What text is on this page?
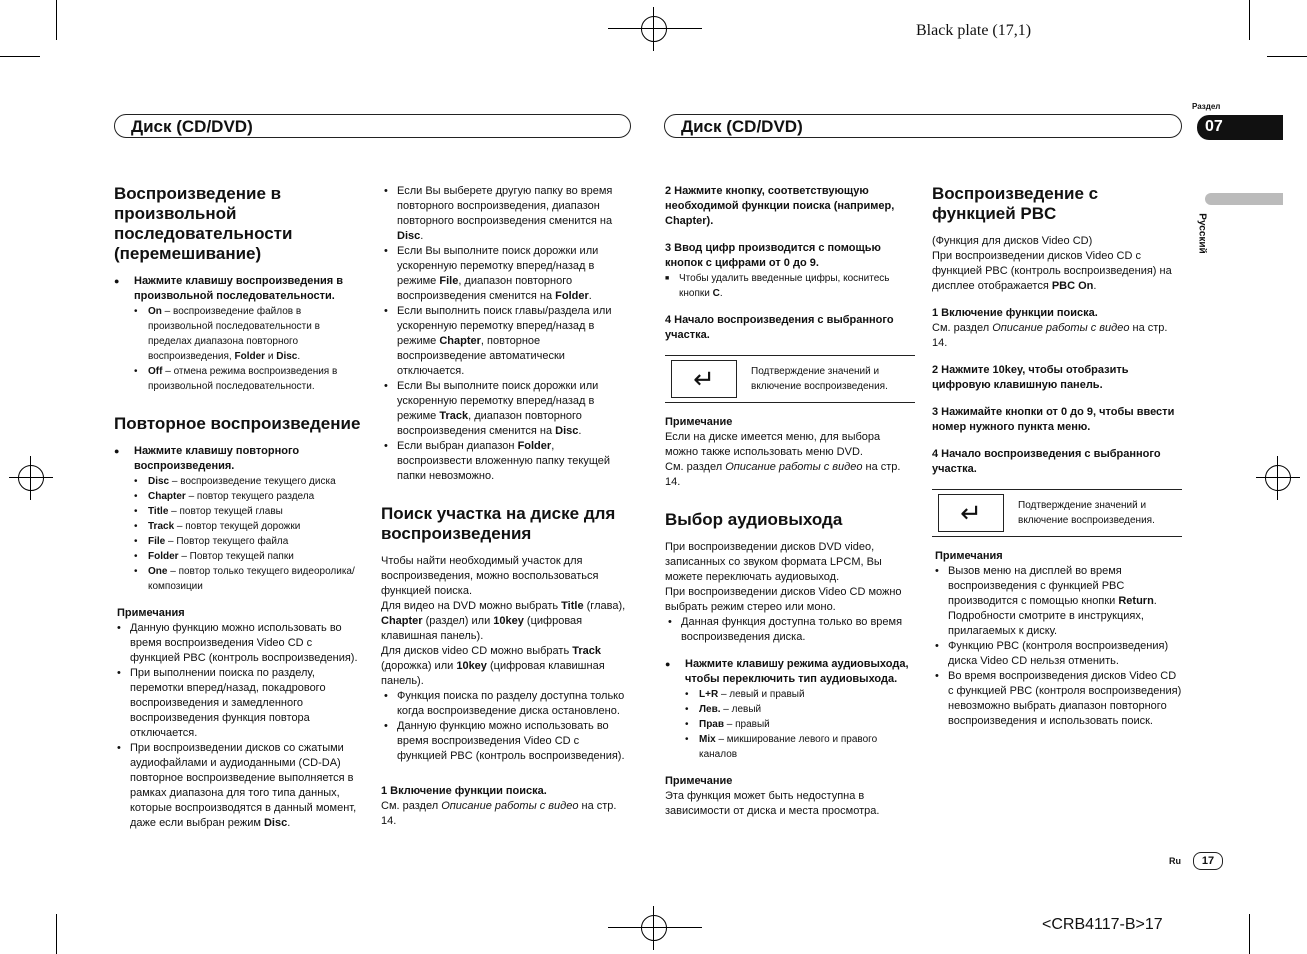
Black plate (17,1)
<CRB4117-B>17
Диск (CD/DVD)	Диск (CD/DVD)
Раздел
07
Русский
Ru	17
Воспроизведение в произвольной последовательности (перемешивание)

● Нажмите клавишу воспроизведения в произвольной последовательности.

• On – воспроизведение файлов в произвольной последовательности в пределах диапазона повторного воспроизведения, Folder и Disc.
• Off – отмена режима воспроизведения в произвольной последовательности.
Повторное воспроизведение

● Нажмите клавишу повторного воспроизведения.

• Disc – воспроизведение текущего диска
• Chapter – повтор текущего раздела
• Title – повтор текущей главы
• Track – повтор текущей дорожки
• File – Повтор текущего файла
• Folder – Повтор текущей папки
• One – повтор только текущего видеоролика/композиции

Примечания

• Данную функцию можно использовать во время воспроизведения Video CD с функцией PBC (контроль воспроизведения).
• При выполнении поиска по разделу, перемотки вперед/назад, покадрового воспроизведения и замедленного воспроизведения функция повтора отключается.
• При воспроизведении дисков со сжатыми аудиофайлами и аудиоданными (CD-DA) повторное воспроизведение выполняется в рамках диапазона для того типа данных, которые воспроизводятся в данный момент, даже если выбран режим Disc.
• Если Вы выберете другую папку во время повторного воспроизведения, диапазон повторного воспроизведения сменится на Disc.
• Если Вы выполните поиск дорожки или ускоренную перемотку вперед/назад в режиме File, диапазон повторного воспроизведения сменится на Folder.
• Если выполнить поиск главы/раздела или ускоренную перемотку вперед/назад в режиме Chapter, повторное воспроизведение автоматически отключается.
• Если Вы выполните поиск дорожки или ускоренную перемотку вперед/назад в режиме Track, диапазон повторного воспроизведения сменится на Disc.
• Если выбран диапазон Folder, воспроизвести вложенную папку текущей папки невозможно.
Поиск участка на диске для воспроизведения

Чтобы найти необходимый участок для воспроизведения, можно воспользоваться функцией поиска.

Для видео на DVD можно выбрать Title (глава), Chapter (раздел) или 10key (цифровая клавишная панель).

Для дисков video CD можно выбрать Track (дорожка) или 10key (цифровая клавишная панель).

• Функция поиска по разделу доступна только когда воспроизведение диска остановлено.
• Данную функцию можно использовать во время воспроизведения Video CD с функцией PBC (контроль воспроизведения).

1 Включение функции поиска.

См. раздел Описание работы с видео на стр. 14.

2 Нажмите кнопку, соответствующую необходимой функции поиска (например, Chapter).

3 Ввод цифр производится с помощью кнопок с цифрами от 0 до 9.

■ Чтобы удалить введенные цифры, коснитесь кнопки C.

4 Начало воспроизведения с выбранного участка.

↵	Подтверждение значений и включение воспроизведения.

Примечание

Если на диске имеется меню, для выбора можно также использовать меню DVD.

См. раздел Описание работы с видео на стр. 14.

Выбор аудиовыхода

При воспроизведении дисков DVD video, записанных со звуком формата LPCM, Вы можете переключать аудиовыход.

При воспроизведении дисков Video CD можно выбрать режим стерео или моно.

• Данная функция доступна только во время воспроизведения диска.

● Нажмите клавишу режима аудиовыхода, чтобы переключить тип аудиовыхода.

• L+R – левый и правый
• Лев. – левый
• Прав – правый
• Mix – микширование левого и правого каналов

Примечание

Эта функция может быть недоступна в зависимости от диска и места просмотра.

Воспроизведение с функцией PBC

(Функция для дисков Video CD)

При воспроизведении дисков Video CD с функцией PBC (контроль воспроизведения) на дисплее отображается PBC On.

1 Включение функции поиска.

См. раздел Описание работы с видео на стр. 14.

2 Нажмите 10key, чтобы отобразить цифровую клавишную панель.

3 Нажимайте кнопки от 0 до 9, чтобы ввести номер нужного пункта меню.

4 Начало воспроизведения с выбранного участка.

↵	Подтверждение значений и включение воспроизведения.

Примечания

• Вызов меню на дисплей во время воспроизведения с функцией PBC производится с помощью кнопки Return. Подробности смотрите в инструкциях, прилагаемых к диску.
• Функцию PBC (контроля воспроизведения) диска Video CD нельзя отменить.
• Во время воспроизведения дисков Video CD с функцией PBC (контроля воспроизведения) невозможно выбрать диапазон повторного воспроизведения и использовать поиск.
